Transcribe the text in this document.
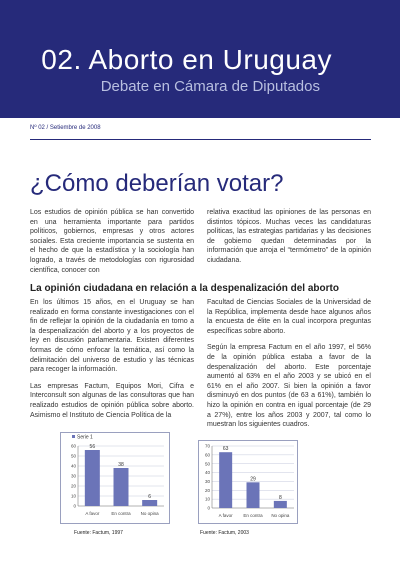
02. Aborto en Uruguay
Debate en Cámara de Diputados
Nº 02 / Setiembre de 2008
¿Cómo deberían votar?

Los estudios de opinión pública se han convertido en una herramienta importante para partidos políticos, gobiernos, empresas y otros actores sociales. Esta creciente importancia se sustenta en el hecho de que la estadística y la sociología han logrado, a través de metodologías con rigurosidad científica, conocer con

relativa exactitud las opiniones de las personas en distintos tópicos. Muchas veces las candidaturas políticas, las estrategias partidarias y las decisiones de gobierno quedan determinadas por la información que arroja el “termómetro” de la opinión ciudadana.

La opinión ciudadana en relación a la despenalización del aborto

En los últimos 15 años, en el Uruguay se han realizado en forma constante investigaciones con el fin de reflejar la opinión de la ciudadanía en torno a la despenalización del aborto y a los proyectos de ley en discusión parlamentaria. Existen diferentes formas de cómo enfocar la temática, así como la delimitación del universo de estudio y las técnicas para recoger la información.

Las empresas Factum, Equipos Mori, Cifra e Interconsult son algunas de las consultoras que han realizado estudios de opinión pública sobre aborto. Asimismo el Instituto de Ciencia Política de la

Facultad de Ciencias Sociales de la Universidad de la República, implementa desde hace algunos años la encuesta de élite en la cual incorpora preguntas específicas sobre aborto.

Según la empresa Factum en el año 1997, el 56% de la opinión pública estaba a favor de la despenalización del aborto. Este porcentaje aumentó al 63% en el año 2003 y se ubicó en el 61% en el año 2007. Si bien la opinión a favor disminuyó en dos puntos (de 63 a 61%), también lo hizo la opinión en contra en igual porcentaje (de 29 a 27%), entre los años 2003 y 2007, tal como lo muestran los siguientes cuadros.

Serie 1
0
10
20
30
40
50
60	56
A favor
38
En contra
6
No opina
Fuente: Factum, 1997
0
10
20
30
40
50
60
70
63
A favor
29
En contra
8
No opina
Fuente: Factum, 2003
